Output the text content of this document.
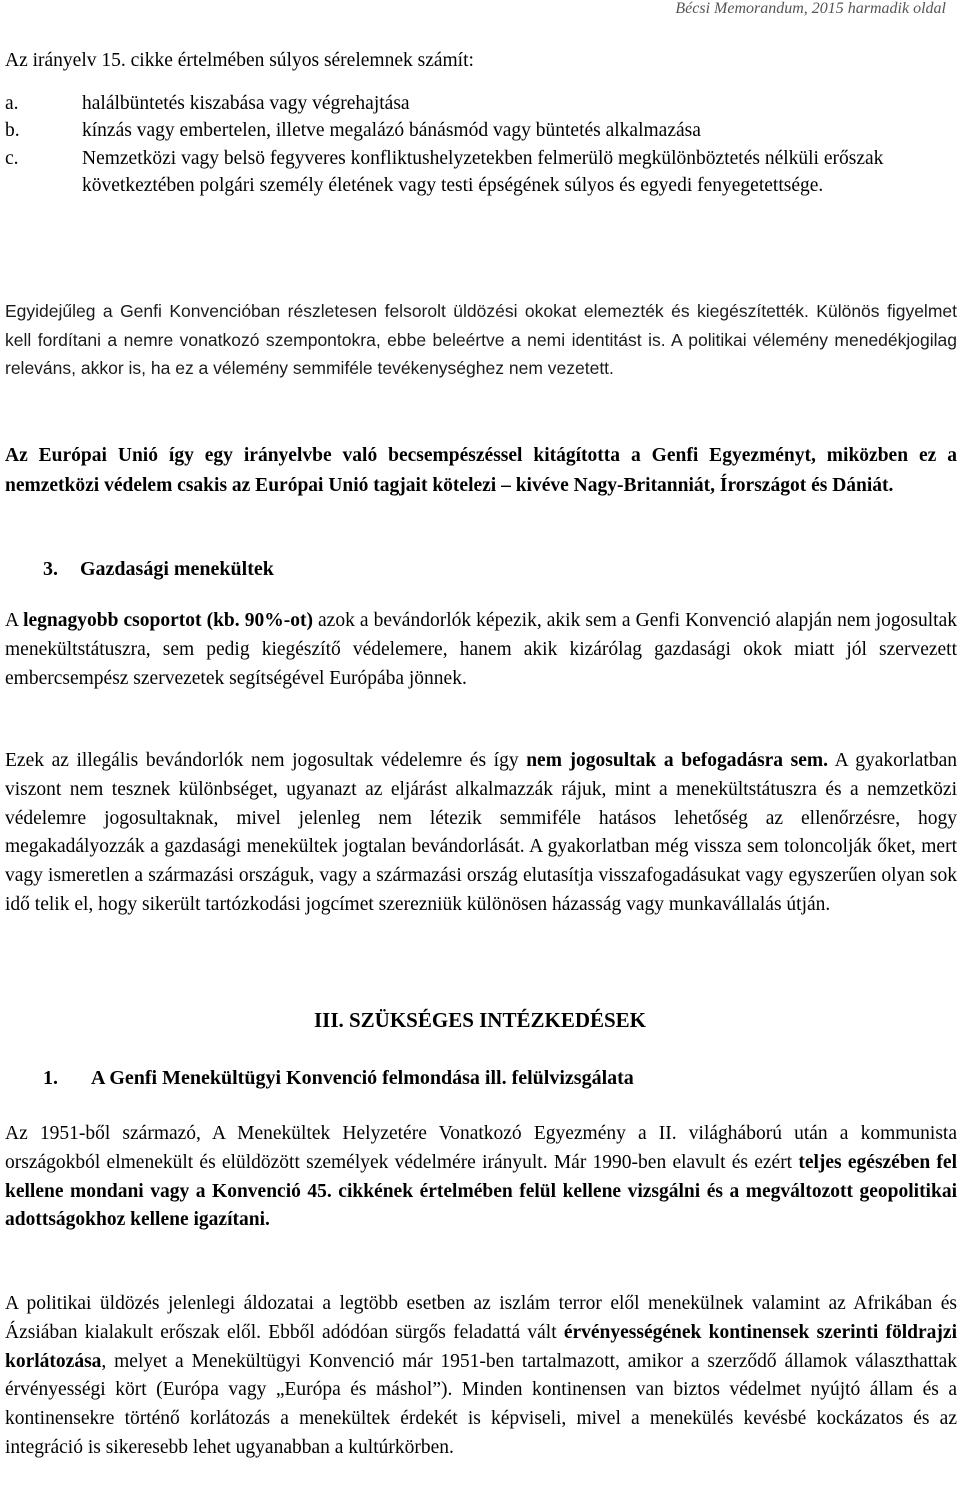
Bécsi Memorandum, 2015 harmadik oldal

Az irányelv 15. cikke értelmében súlyos sérelemnek számít:

a.	halálbüntetés kiszabása vagy végrehajtása
b.	kínzás vagy embertelen, illetve megalázó bánásmód vagy büntetés alkalmazása
c.	Nemzetközi vagy belsö fegyveres konfliktushelyzetekben felmerülö megkülönböztetés nélküli erőszak következtében polgári személy életének vagy testi épségének súlyos és egyedi fenyegetettsége.

Egyidejűleg a Genfi Konvencióban részletesen felsorolt üldözési okokat elemezték és kiegészítették. Különös figyelmet kell fordítani a nemre vonatkozó szempontokra, ebbe beleértve a nemi identitást is. A politikai vélemény menedékjogilag releváns, akkor is, ha ez a vélemény semmiféle tevékenységhez nem vezetett.

Az Európai Unió így egy irányelvbe való becsempészéssel kitágította a Genfi Egyezményt, miközben ez a nemzetközi védelem csakis az Európai Unió tagjait kötelezi – kivéve Nagy-Britanniát, Írországot és Dániát.

3. Gazdasági menekültek

A legnagyobb csoportot (kb. 90%-ot) azok a bevándorlók képezik, akik sem a Genfi Konvenció alapján nem jogosultak menekültstátuszra, sem pedig kiegészítő védelemere, hanem akik kizárólag gazdasági okok miatt jól szervezett embercsempész szervezetek segítségével Európába jönnek.

Ezek az illegális bevándorlók nem jogosultak védelemre és így nem jogosultak a befogadásra sem. A gyakorlatban viszont nem tesznek különbséget, ugyanazt az eljárást alkalmazzák rájuk, mint a menekültstátuszra és a nemzetközi védelemre jogosultaknak, mivel jelenleg nem létezik semmiféle hatásos lehetőség az ellenőrzésre, hogy megakadályozzák a gazdasági menekültek jogtalan bevándorlását. A gyakorlatban még vissza sem toloncolják őket, mert vagy ismeretlen a származási országuk, vagy a származási ország elutasítja visszafogadásukat vagy egyszerűen olyan sok idő telik el, hogy sikerült tartózkodási jogcímet szerezniük különösen házasság vagy munkavállalás útján.

III. SZÜKSÉGES INTÉZKEDÉSEK
1. A Genfi Menekültügyi Konvenció felmondása ill. felülvizsgálata

Az 1951-ből származó, A Menekültek Helyzetére Vonatkozó Egyezmény a II. világháború után a kommunista országokból elmenekült és elüldözött személyek védelmére irányult. Már 1990-ben elavult és ezért teljes egészében fel kellene mondani vagy a Konvenció 45. cikkének értelmében felül kellene vizsgálni és a megváltozott geopolitikai adottságokhoz kellene igazítani.

A politikai üldözés jelenlegi áldozatai a legtöbb esetben az iszlám terror elől menekülnek valamint az Afrikában és Ázsiában kialakult erőszak elől. Ebből adódóan sürgős feladattá vált érvényességének kontinensek szerinti földrajzi korlátozása, melyet a Menekültügyi Konvenció már 1951-ben tartalmazott, amikor a szerződő államok választhattak érvényességi kört (Európa vagy „Európa és máshol”). Minden kontinensen van biztos védelmet nyújtó állam és a kontinensekre történő korlátozás a menekültek érdekét is képviseli, mivel a menekülés kevésbé kockázatos és az integráció is sikeresebb lehet ugyanabban a kultúrkörben.
